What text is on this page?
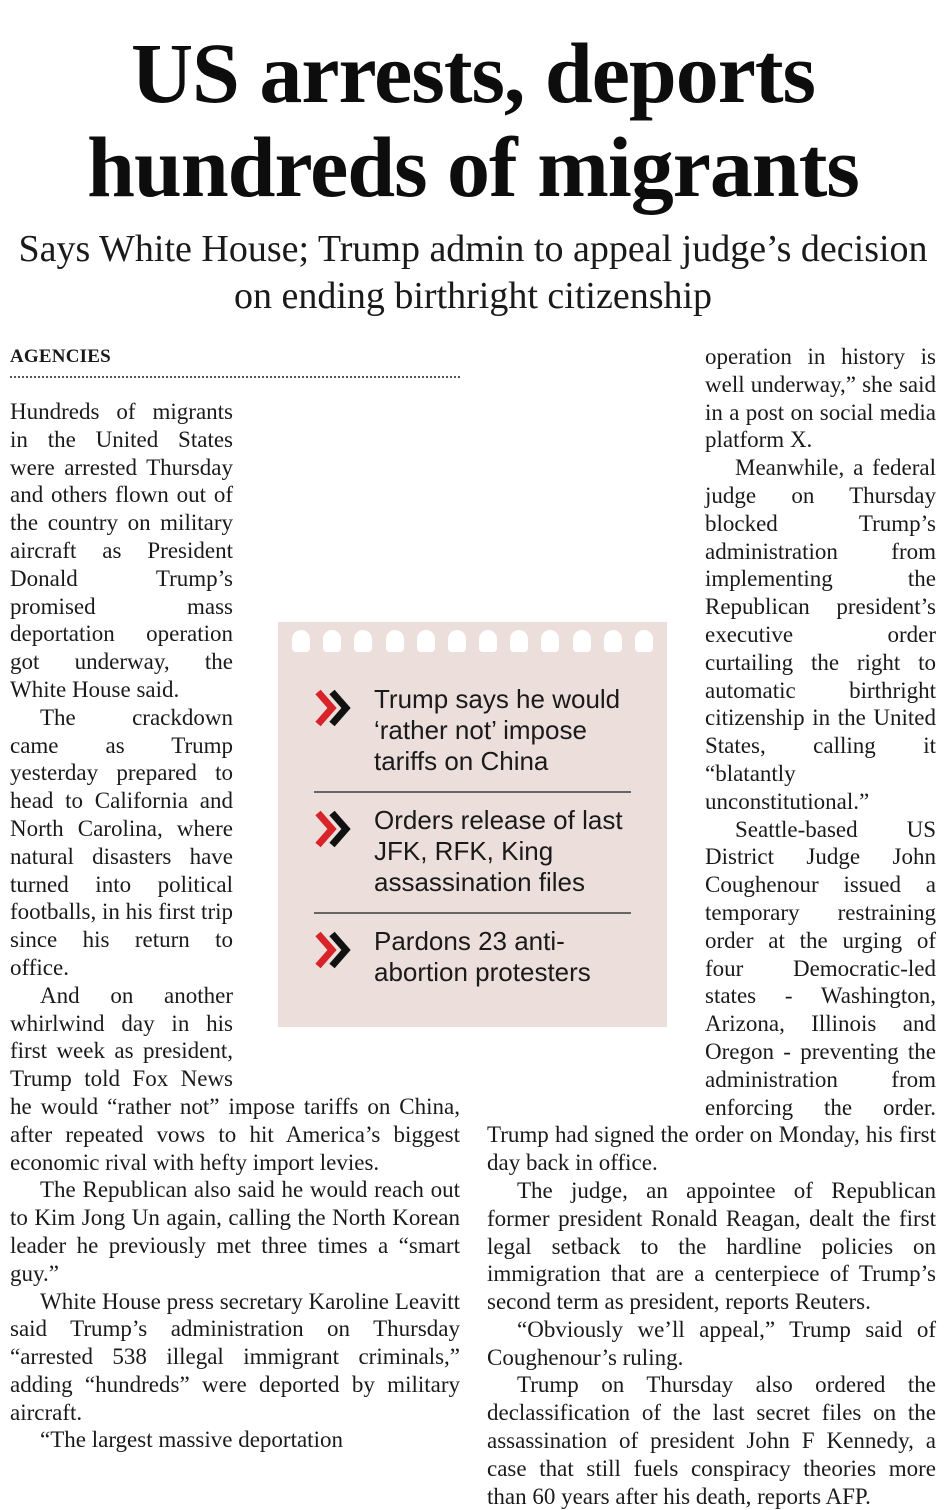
US arrests, deports hundreds of migrants
Says White House; Trump admin to appeal judge’s decision on ending birthright citizenship
AGENCIES

Hundreds of migrants in the United States were arrested Thursday and others flown out of the country on military aircraft as President Donald Trump’s promised mass deportation operation got underway, the White House said.

The crackdown came as Trump yesterday prepared to head to California and North Carolina, where natural disasters have turned into political footballs, in his first trip since his return to office.

And on another whirlwind day in his first week as president, Trump told Fox News he would “rather not” impose tariffs on China, after repeated vows to hit America’s biggest economic rival with hefty import levies.

The Republican also said he would reach out to Kim Jong Un again, calling the North Korean leader he previously met three times a “smart guy.”

White House press secretary Karoline Leavitt said Trump’s administration on Thursday “arrested 538 illegal immigrant criminals,” adding “hundreds” were deported by military aircraft.

“The largest massive deportation

operation in history is well underway,” she said in a post on social media platform X.

Meanwhile, a federal judge on Thursday blocked Trump’s administration from implementing the Republican president’s executive order curtailing the right to automatic birthright citizenship in the United States, calling it “blatantly unconstitutional.”

Seattle-based US District Judge John Coughenour issued a temporary restraining order at the urging of four Democratic-led states - Washington, Arizona, Illinois and Oregon - preventing the administration from enforcing the order. Trump had signed the order on Monday, his first day back in office.

The judge, an appointee of Republican former president Ronald Reagan, dealt the first legal setback to the hardline policies on immigration that are a centerpiece of Trump’s second term as president, reports Reuters.

“Obviously we’ll appeal,” Trump said of Coughenour’s ruling.

Trump on Thursday also ordered the declassification of the last secret files on the assassination of president John F Kennedy, a case that still fuels conspiracy theories more than 60 years after his death, reports AFP.

Trump says he would ‘rather not’ impose tariffs on China
Orders release of last JFK, RFK, King assassination files
Pardons 23 anti-abortion protesters
